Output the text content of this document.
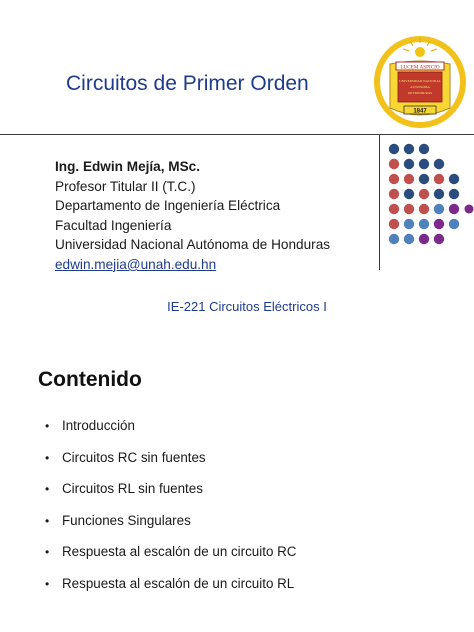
Circuitos de Primer Orden
LUCEM ASPICIO
UNIVERSIDAD NACIONAL
AUTONOMA
DE HONDURAS
1847
Ing. Edwin Mejía, MSc.
Profesor Titular II (T.C.)
Departamento de Ingeniería Eléctrica
Facultad Ingeniería
Universidad Nacional Autónoma de Honduras
edwin.mejia@unah.edu.hn
IE-221 Circuitos Eléctricos I
Contenido
• Introducción
• Circuitos RC sin fuentes
• Circuitos RL sin fuentes
• Funciones Singulares
• Respuesta al escalón de un circuito RC
• Respuesta al escalón de un circuito RL
